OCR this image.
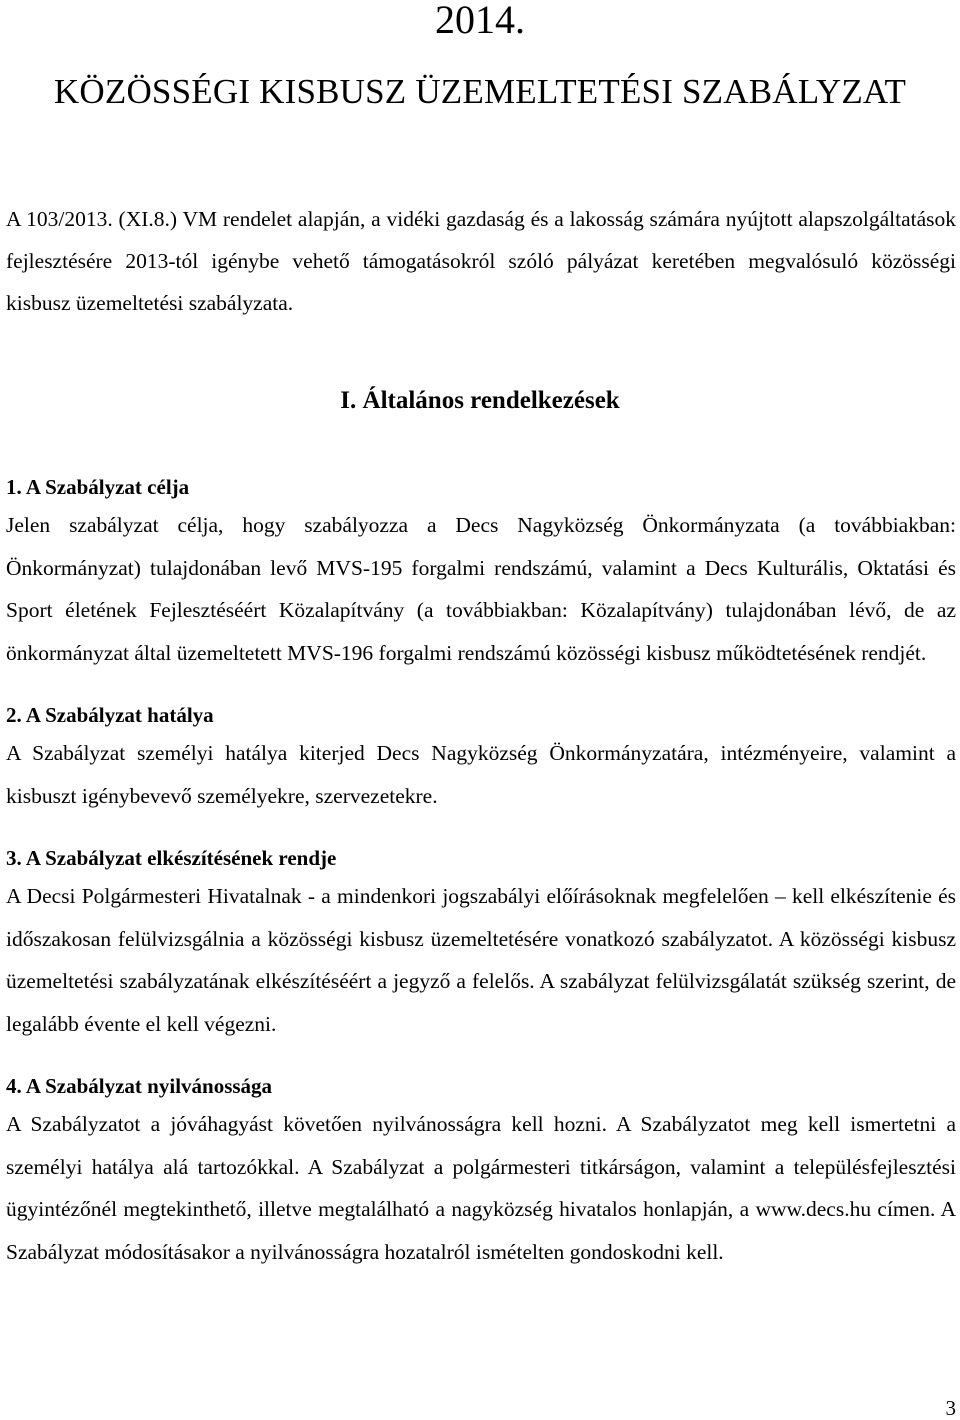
2014.
KÖZÖSSÉGI KISBUSZ ÜZEMELTETÉSI SZABÁLYZAT

A 103/2013. (XI.8.) VM rendelet alapján, a vidéki gazdaság és a lakosság számára nyújtott alapszolgáltatások fejlesztésére 2013-tól igénybe vehető támogatásokról szóló pályázat keretében megvalósuló közösségi kisbusz üzemeltetési szabályzata.

I. Általános rendelkezések

1. A Szabályzat célja

Jelen szabályzat célja, hogy szabályozza a Decs Nagyközség Önkormányzata (a továbbiakban: Önkormányzat) tulajdonában levő MVS-195 forgalmi rendszámú, valamint a Decs Kulturális, Oktatási és Sport életének Fejlesztéséért Közalapítvány (a továbbiakban: Közalapítvány) tulajdonában lévő, de az önkormányzat által üzemeltetett MVS-196 forgalmi rendszámú közösségi kisbusz működtetésének rendjét.

2. A Szabályzat hatálya

A Szabályzat személyi hatálya kiterjed Decs Nagyközség Önkormányzatára, intézményeire, valamint a kisbuszt igénybevevő személyekre, szervezetekre.

3. A Szabályzat elkészítésének rendje

A Decsi Polgármesteri Hivatalnak - a mindenkori jogszabályi előírásoknak megfelelően – kell elkészítenie és időszakosan felülvizsgálnia a közösségi kisbusz üzemeltetésére vonatkozó szabályzatot. A közösségi kisbusz üzemeltetési szabályzatának elkészítéséért a jegyző a felelős. A szabályzat felülvizsgálatát szükség szerint, de legalább évente el kell végezni.

4. A Szabályzat nyilvánossága

A Szabályzatot a jóváhagyást követően nyilvánosságra kell hozni. A Szabályzatot meg kell ismertetni a személyi hatálya alá tartozókkal. A Szabályzat a polgármesteri titkárságon, valamint a településfejlesztési ügyintézőnél megtekinthető, illetve megtalálható a nagyközség hivatalos honlapján, a www.decs.hu címen. A Szabályzat módosításakor a nyilvánosságra hozatalról ismételten gondoskodni kell.

3
